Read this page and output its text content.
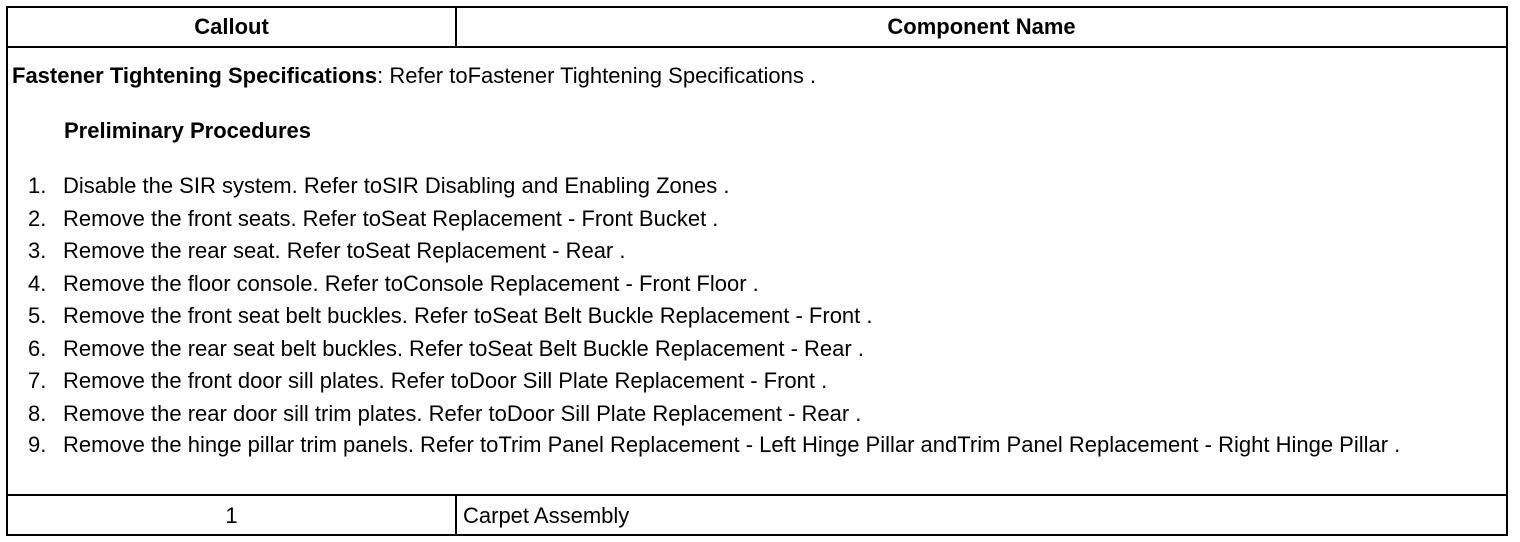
Callout	Component Name
Fastener Tightening Specifications: Refer toFastener Tightening Specifications .
Preliminary Procedures
1. Disable the SIR system. Refer toSIR Disabling and Enabling Zones .
2. Remove the front seats. Refer toSeat Replacement - Front Bucket .
3. Remove the rear seat. Refer toSeat Replacement - Rear .
4. Remove the floor console. Refer toConsole Replacement - Front Floor .
5. Remove the front seat belt buckles. Refer toSeat Belt Buckle Replacement - Front .
6. Remove the rear seat belt buckles. Refer toSeat Belt Buckle Replacement - Rear .
7. Remove the front door sill plates. Refer toDoor Sill Plate Replacement - Front .
8. Remove the rear door sill trim plates. Refer toDoor Sill Plate Replacement - Rear .
9. Remove the hinge pillar trim panels. Refer toTrim Panel Replacement - Left Hinge Pillar andTrim Panel Replacement - Right Hinge Pillar .
1	Carpet Assembly
